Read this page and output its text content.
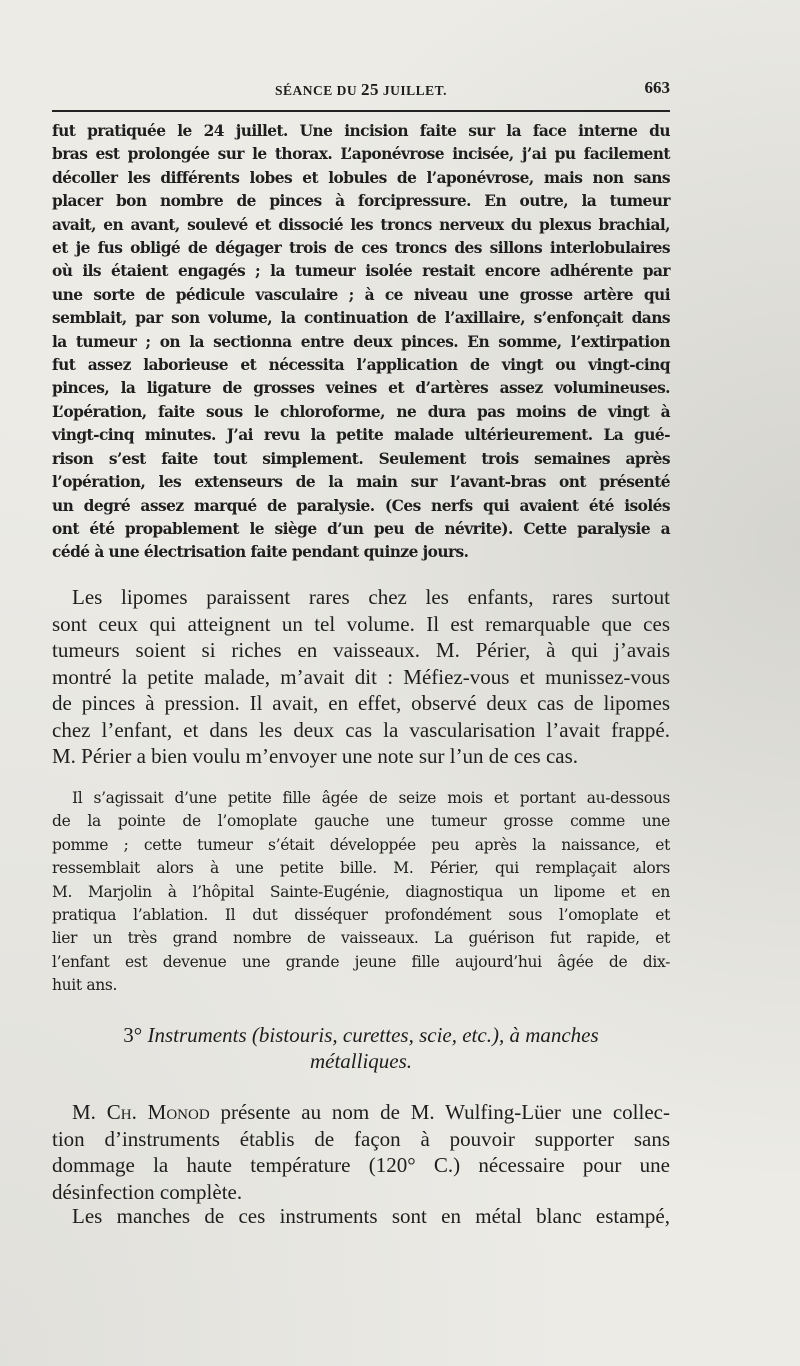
SÉANCE DU 25 JUILLET.	663
fut pratiquée le 24 juillet. Une incision faite sur la face interne du
bras est prolongée sur le thorax. L’aponévrose incisée, j’ai pu facilement
décoller les différents lobes et lobules de l’aponévrose, mais non sans
placer bon nombre de pinces à forcipressure. En outre, la tumeur
avait, en avant, soulevé et dissocié les troncs nerveux du plexus brachial,
et je fus obligé de dégager trois de ces troncs des sillons interlobulaires
où ils étaient engagés ; la tumeur isolée restait encore adhérente par
une sorte de pédicule vasculaire ; à ce niveau une grosse artère qui
semblait, par son volume, la continuation de l’axillaire, s’enfonçait dans
la tumeur ; on la sectionna entre deux pinces. En somme, l’extirpation
fut assez laborieuse et nécessita l’application de vingt ou vingt-cinq
pinces, la ligature de grosses veines et d’artères assez volumineuses.
L’opération, faite sous le chloroforme, ne dura pas moins de vingt à
vingt-cinq minutes. J’ai revu la petite malade ultérieurement. La gué-
rison s’est faite tout simplement. Seulement trois semaines après
l’opération, les extenseurs de la main sur l’avant-bras ont présenté
un degré assez marqué de paralysie. (Ces nerfs qui avaient été isolés
ont été propablement le siège d’un peu de névrite). Cette paralysie a
cédé à une électrisation faite pendant quinze jours.
Les lipomes paraissent rares chez les enfants, rares surtout
sont ceux qui atteignent un tel volume. Il est remarquable que ces
tumeurs soient si riches en vaisseaux. M. Périer, à qui j’avais
montré la petite malade, m’avait dit : Méfiez-vous et munissez-vous
de pinces à pression. Il avait, en effet, observé deux cas de lipomes
chez l’enfant, et dans les deux cas la vascularisation l’avait frappé.
M. Périer a bien voulu m’envoyer une note sur l’un de ces cas.
Il s’agissait d’une petite fille âgée de seize mois et portant au-dessous
de la pointe de l’omoplate gauche une tumeur grosse comme une
pomme ; cette tumeur s’était développée peu après la naissance, et
ressemblait alors à une petite bille. M. Périer, qui remplaçait alors
M. Marjolin à l’hôpital Sainte-Eugénie, diagnostiqua un lipome et en
pratiqua l’ablation. Il dut disséquer profondément sous l’omoplate et
lier un très grand nombre de vaisseaux. La guérison fut rapide, et
l’enfant est devenue une grande jeune fille aujourd’hui âgée de dix-
huit ans.
3° Instruments (bistouris, curettes, scie, etc.), à manches
métalliques.
M. Ch. Monod présente au nom de M. Wulfing-Lüer une collec-
tion d’instruments établis de façon à pouvoir supporter sans
dommage la haute température (120° C.) nécessaire pour une
désinfection complète.
Les manches de ces instruments sont en métal blanc estampé,
